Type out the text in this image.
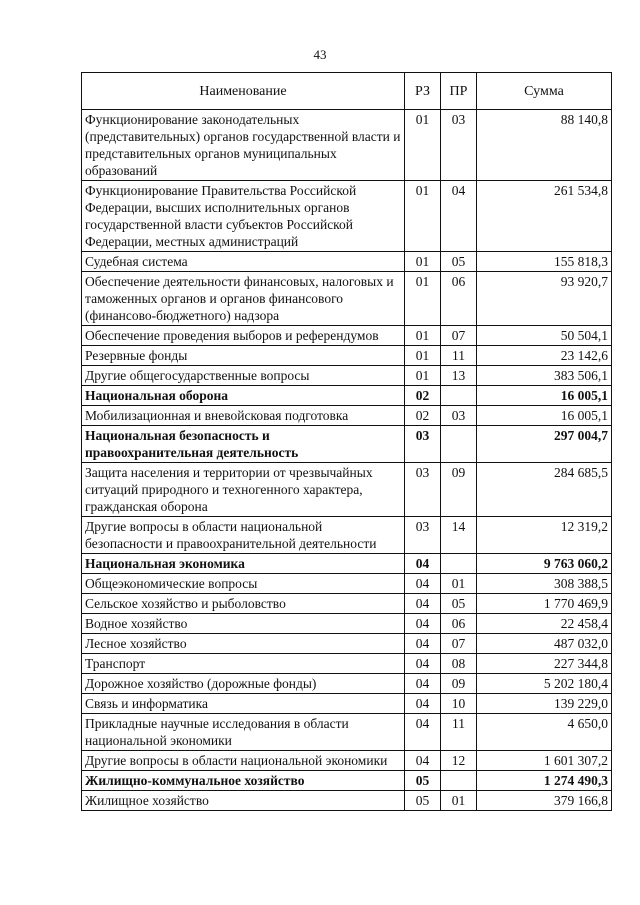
43
Наименование	РЗ	ПР	Сумма
Функционирование законодательных (представительных) органов государственной власти и представительных органов муниципальных образований	01	03	88 140,8
Функционирование Правительства Российской Федерации, высших исполнительных органов государственной власти субъектов Российской Федерации, местных администраций	01	04	261 534,8
Судебная система	01	05	155 818,3
Обеспечение деятельности финансовых, налоговых и таможенных органов и органов финансового (финансово-бюджетного) надзора	01	06	93 920,7
Обеспечение проведения выборов и референдумов	01	07	50 504,1
Резервные фонды	01	11	23 142,6
Другие общегосударственные вопросы	01	13	383 506,1
Национальная оборона	02		16 005,1
Мобилизационная и вневойсковая подготовка	02	03	16 005,1
Национальная безопасность и правоохранительная деятельность	03		297 004,7
Защита населения и территории от чрезвычайных ситуаций природного и техногенного характера, гражданская оборона	03	09	284 685,5
Другие вопросы в области национальной безопасности и правоохранительной деятельности	03	14	12 319,2
Национальная экономика	04		9 763 060,2
Общеэкономические вопросы	04	01	308 388,5
Сельское хозяйство и рыболовство	04	05	1 770 469,9
Водное хозяйство	04	06	22 458,4
Лесное хозяйство	04	07	487 032,0
Транспорт	04	08	227 344,8
Дорожное хозяйство (дорожные фонды)	04	09	5 202 180,4
Связь и информатика	04	10	139 229,0
Прикладные научные исследования в области национальной экономики	04	11	4 650,0
Другие вопросы в области национальной экономики	04	12	1 601 307,2
Жилищно-коммунальное хозяйство	05		1 274 490,3
Жилищное хозяйство	05	01	379 166,8
